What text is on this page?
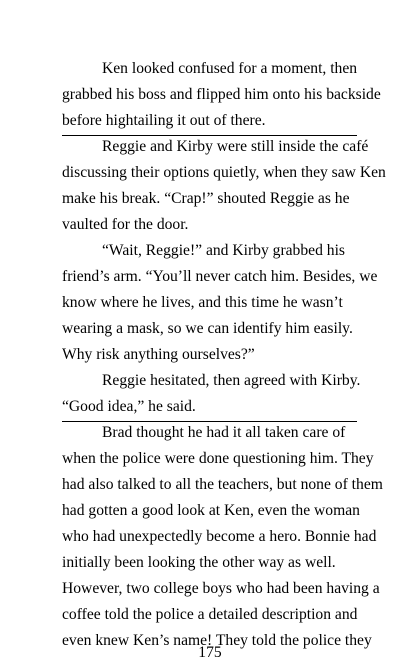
Ken looked confused for a moment, then
grabbed his boss and flipped him onto his backside
before hightailing it out of there.
Reggie and Kirby were still inside the café
discussing their options quietly, when they saw Ken
make his break. “Crap!” shouted Reggie as he
vaulted for the door.
“Wait, Reggie!” and Kirby grabbed his
friend’s arm. “You’ll never catch him. Besides, we
know where he lives, and this time he wasn’t
wearing a mask, so we can identify him easily.
Why risk anything ourselves?”
Reggie hesitated, then agreed with Kirby.
“Good idea,” he said.
Brad thought he had it all taken care of
when the police were done questioning him. They
had also talked to all the teachers, but none of them
had gotten a good look at Ken, even the woman
who had unexpectedly become a hero. Bonnie had
initially been looking the other way as well.
However, two college boys who had been having a
coffee told the police a detailed description and
even knew Ken’s name! They told the police they
175
